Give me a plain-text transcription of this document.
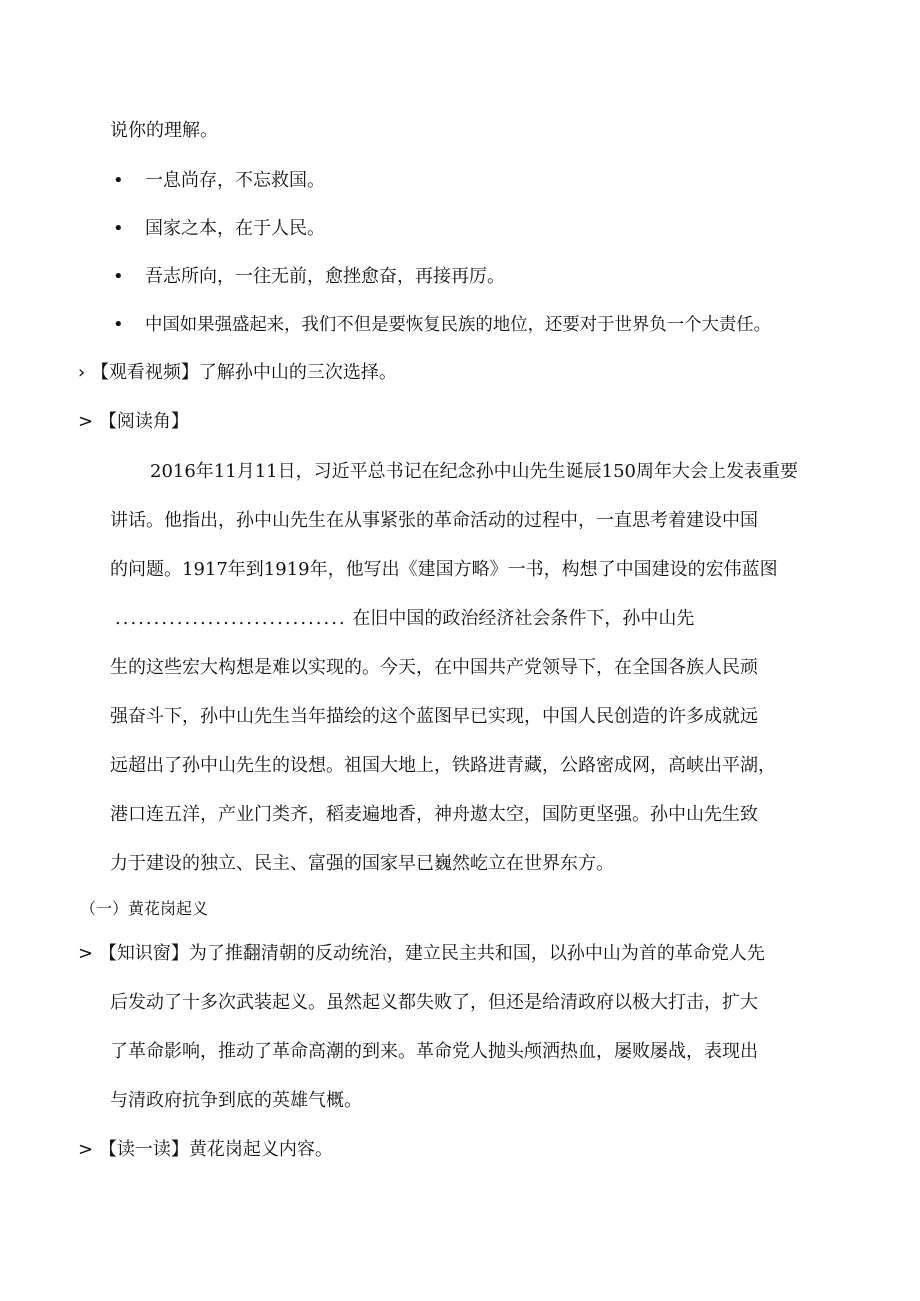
说你的理解。
• 一息尚存，不忘救国。
• 国家之本，在于人民。
• 吾志所向，一往无前，愈挫愈奋，再接再厉。
• 中国如果强盛起来，我们不但是要恢复民族的地位，还要对于世界负一个大责任。
› 【观看视频】了解孙中山的三次选择。
> 【阅读角】
2016年11月11日，习近平总书记在纪念孙中山先生诞辰150周年大会上发表重要
讲话。他指出，孙中山先生在从事紧张的革命活动的过程中，一直思考着建设中国
的问题。1917年到1919年，他写出《建国方略》一书，构想了中国建设的宏伟蓝图
.............................. 在旧中国的政治经济社会条件下，孙中山先
生的这些宏大构想是难以实现的。今天，在中国共产党领导下，在全国各族人民顽
强奋斗下，孙中山先生当年描绘的这个蓝图早已实现，中国人民创造的许多成就远
远超出了孙中山先生的设想。祖国大地上，铁路进青藏，公路密成网，高峡出平湖，
港口连五洋，产业门类齐，稻麦遍地香，神舟遨太空，国防更坚强。孙中山先生致
力于建设的独立、民主、富强的国家早已巍然屹立在世界东方。
（一）黄花岗起义
> 【知识窗】为了推翻清朝的反动统治，建立民主共和国，以孙中山为首的革命党人先
后发动了十多次武装起义。虽然起义都失败了，但还是给清政府以极大打击，扩大
了革命影响，推动了革命高潮的到来。革命党人抛头颅洒热血，屡败屡战，表现出
与清政府抗争到底的英雄气概。
> 【读一读】黄花岗起义内容。
